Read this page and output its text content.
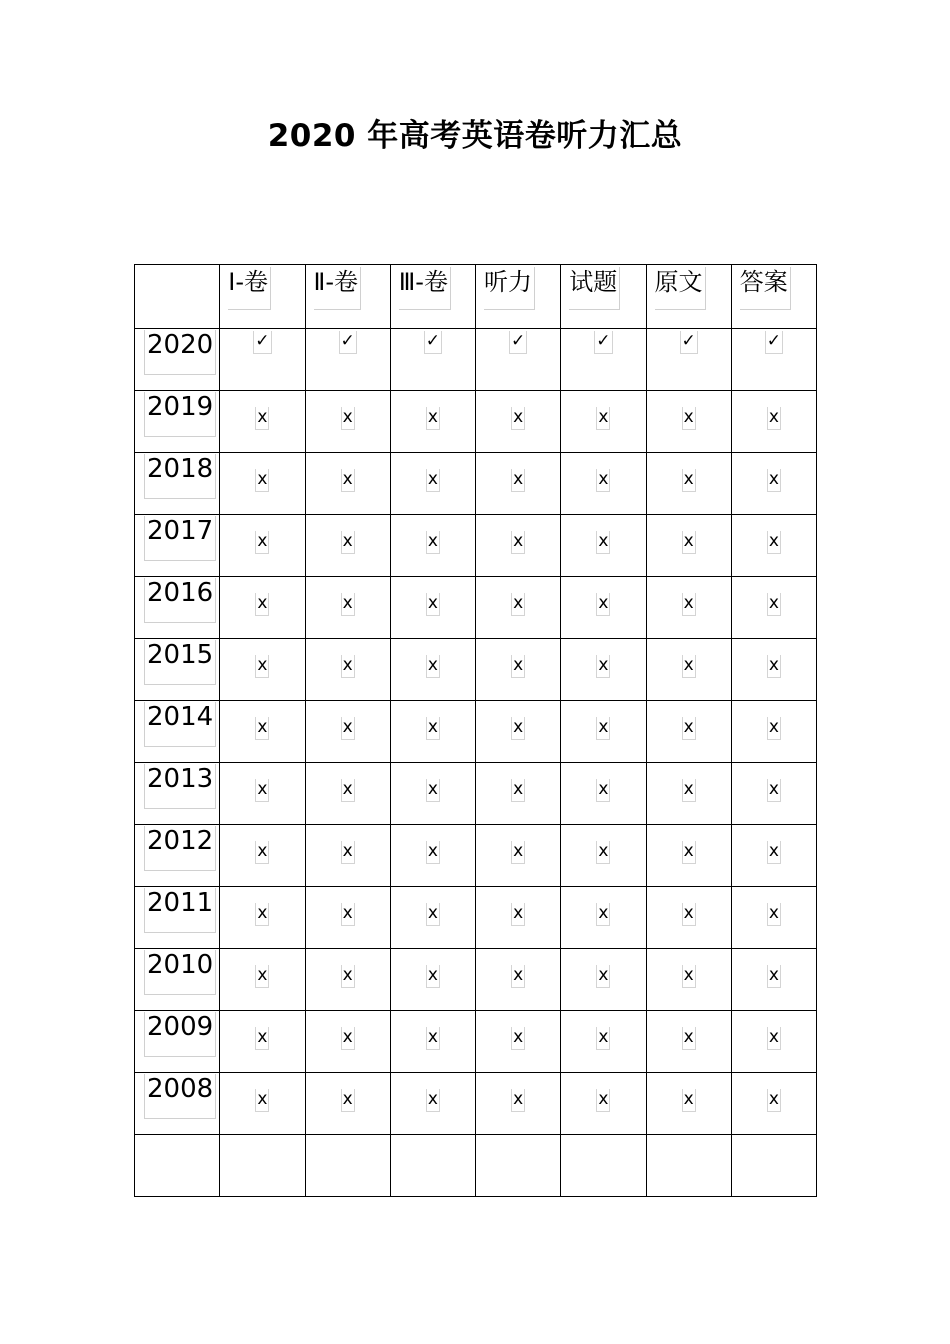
2020 年高考英语卷听力汇总
	Ⅰ-卷	Ⅱ-卷	Ⅲ-卷	听力	试题	原文	答案
2020	✓	✓	✓	✓	✓	✓	✓
2019	x	x	x	x	x	x	x
2018	x	x	x	x	x	x	x
2017	x	x	x	x	x	x	x
2016	x	x	x	x	x	x	x
2015	x	x	x	x	x	x	x
2014	x	x	x	x	x	x	x
2013	x	x	x	x	x	x	x
2012	x	x	x	x	x	x	x
2011	x	x	x	x	x	x	x
2010	x	x	x	x	x	x	x
2009	x	x	x	x	x	x	x
2008	x	x	x	x	x	x	x
